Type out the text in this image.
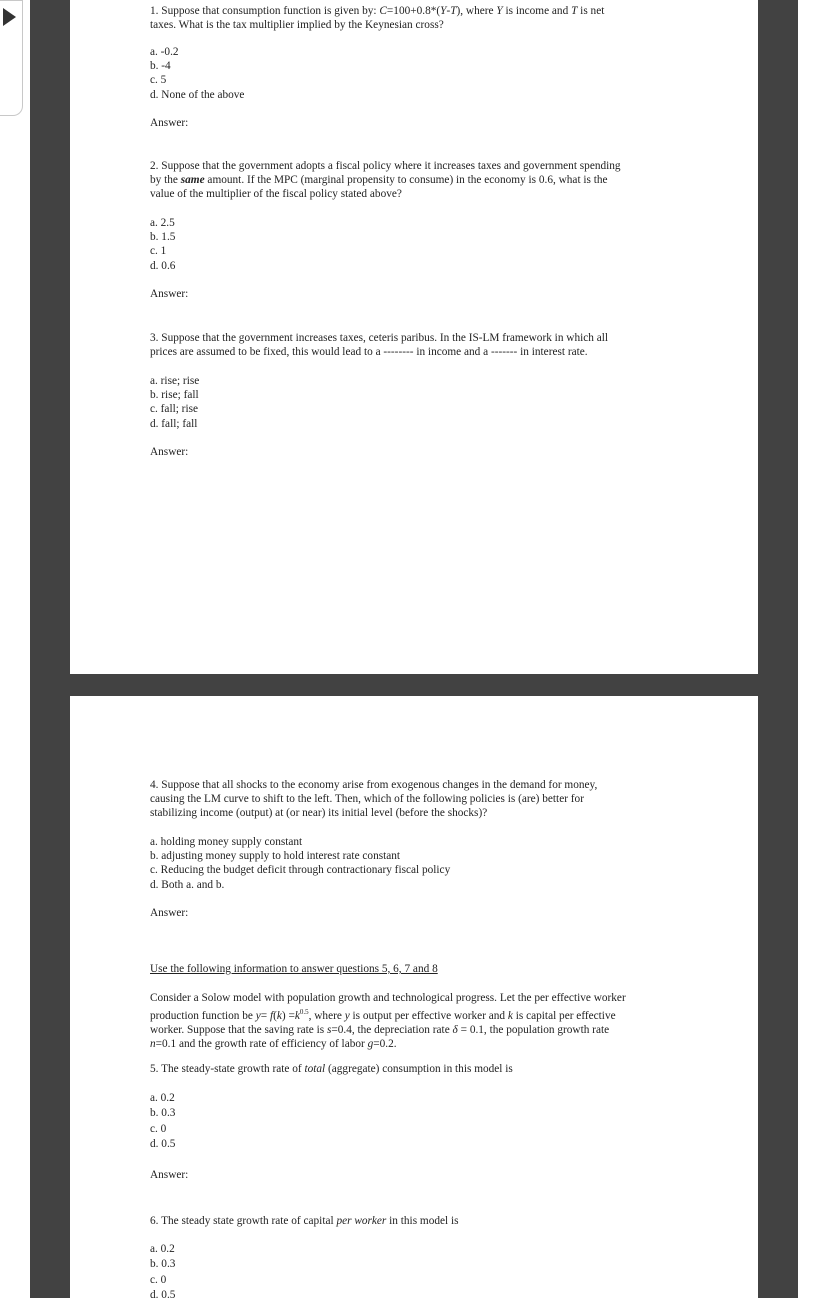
1. Suppose that consumption function is given by: C=100+0.8*(Y-T), where Y is income and T is net
taxes. What is the tax multiplier implied by the Keynesian cross?

a. -0.2
b. -4
c. 5
d. None of the above

Answer:

2. Suppose that the government adopts a fiscal policy where it increases taxes and government spending
by the same amount. If the MPC (marginal propensity to consume) in the economy is 0.6, what is the
value of the multiplier of the fiscal policy stated above?

a. 2.5
b. 1.5
c. 1
d. 0.6

Answer:

3. Suppose that the government increases taxes, ceteris paribus. In the IS-LM framework in which all
prices are assumed to be fixed, this would lead to a -------- in income and a ------- in interest rate.

a. rise; rise
b. rise; fall
c. fall; rise
d. fall; fall

Answer:

4. Suppose that all shocks to the economy arise from exogenous changes in the demand for money,
causing the LM curve to shift to the left. Then, which of the following policies is (are) better for
stabilizing income (output) at (or near) its initial level (before the shocks)?

a. holding money supply constant
b. adjusting money supply to hold interest rate constant
c. Reducing the budget deficit through contractionary fiscal policy
d. Both a. and b.

Answer:

Use the following information to answer questions 5, 6, 7 and 8

Consider a Solow model with population growth and technological progress. Let the per effective worker
production function be $y= f(k) =k^{0.5}$, where y is output per effective worker and k is capital per effective
worker. Suppose that the saving rate is s=0.4, the depreciation rate δ = 0.1, the population growth rate
n=0.1 and the growth rate of efficiency of labor g=0.2.

5. The steady-state growth rate of total (aggregate) consumption in this model is

a. 0.2
b. 0.3
c. 0
d. 0.5

Answer:

6. The steady state growth rate of capital per worker in this model is

a. 0.2
b. 0.3
c. 0
d. 0.5
